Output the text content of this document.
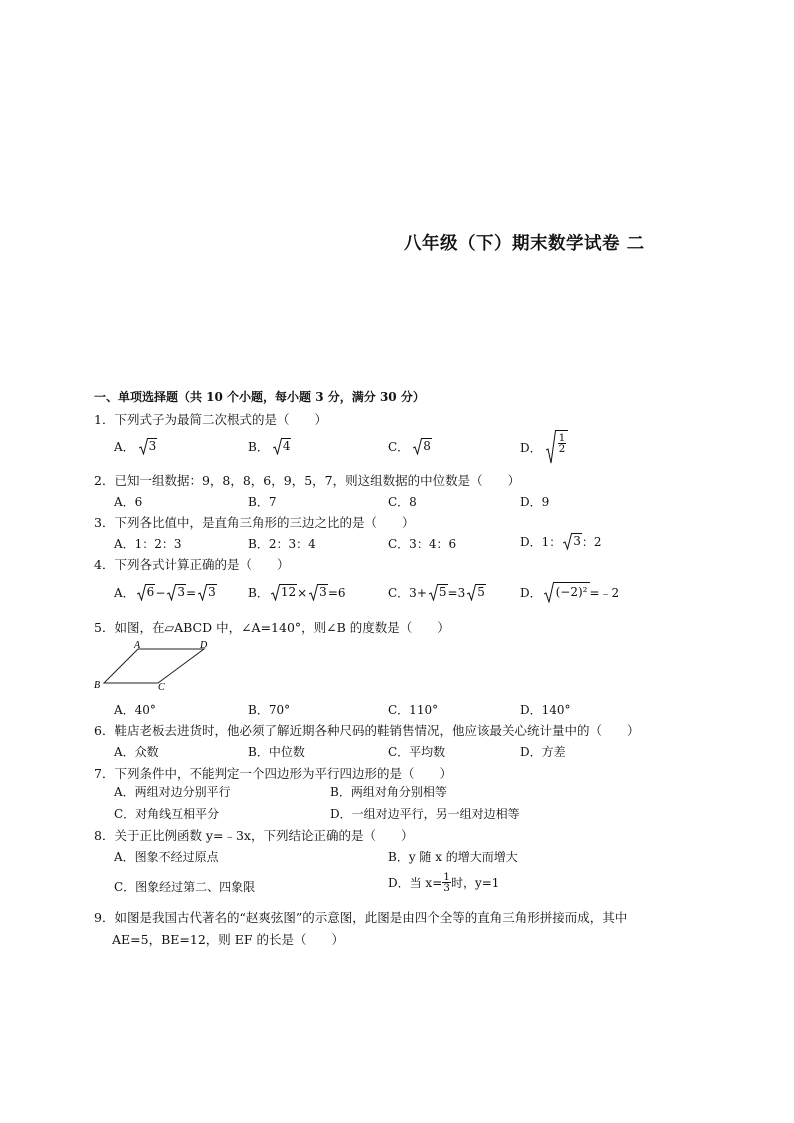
八年级（下）期末数学试卷 二
一、单项选择题（共 10 个小题，每小题 3 分，满分 30 分）
1．下列式子为最简二次根式的是（　　）
A． 3	B． 4	C． 8	D． $\frac{1}{2}$
2．已知一组数据：9，8，8，6，9，5，7，则这组数据的中位数是（　　）
A．6	B．7	C．8	D．9
3．下列各比值中，是直角三角形的三边之比的是（　　）
A．1：2：3	B．2：3：4	C．3：4：6	D．1： 3 ：2
4．下列各式计算正确的是（　　）
A． 6 − 3 = 3	B． 12 × 3 =6	C．3+ 5 =3 5	D． (−2)² =﹣2
5．如图，在▱ABCD 中，∠A=140°，则∠B 的度数是（　　）
A	D
B	C
A．40°	B．70°	C．110°	D．140°
6．鞋店老板去进货时，他必须了解近期各种尺码的鞋销售情况，他应该最关心统计量中的（　　）
A．众数	B．中位数	C．平均数	D．方差
7．下列条件中，不能判定一个四边形为平行四边形的是（　　）
A．两组对边分别平行	B．两组对角分别相等
C．对角线互相平分	D．一组对边平行，另一组对边相等
8．关于正比例函数 y=﹣3x，下列结论正确的是（　　）
A．图象不经过原点	B．y 随 x 的增大而增大
C．图象经过第二、四象限	D．当 $x= \frac{1}{3}$ 时，y=1
9．如图是我国古代著名的“赵爽弦图”的示意图，此图是由四个全等的直角三角形拼接而成，其中
AE=5，BE=12，则 EF 的长是（　　）
